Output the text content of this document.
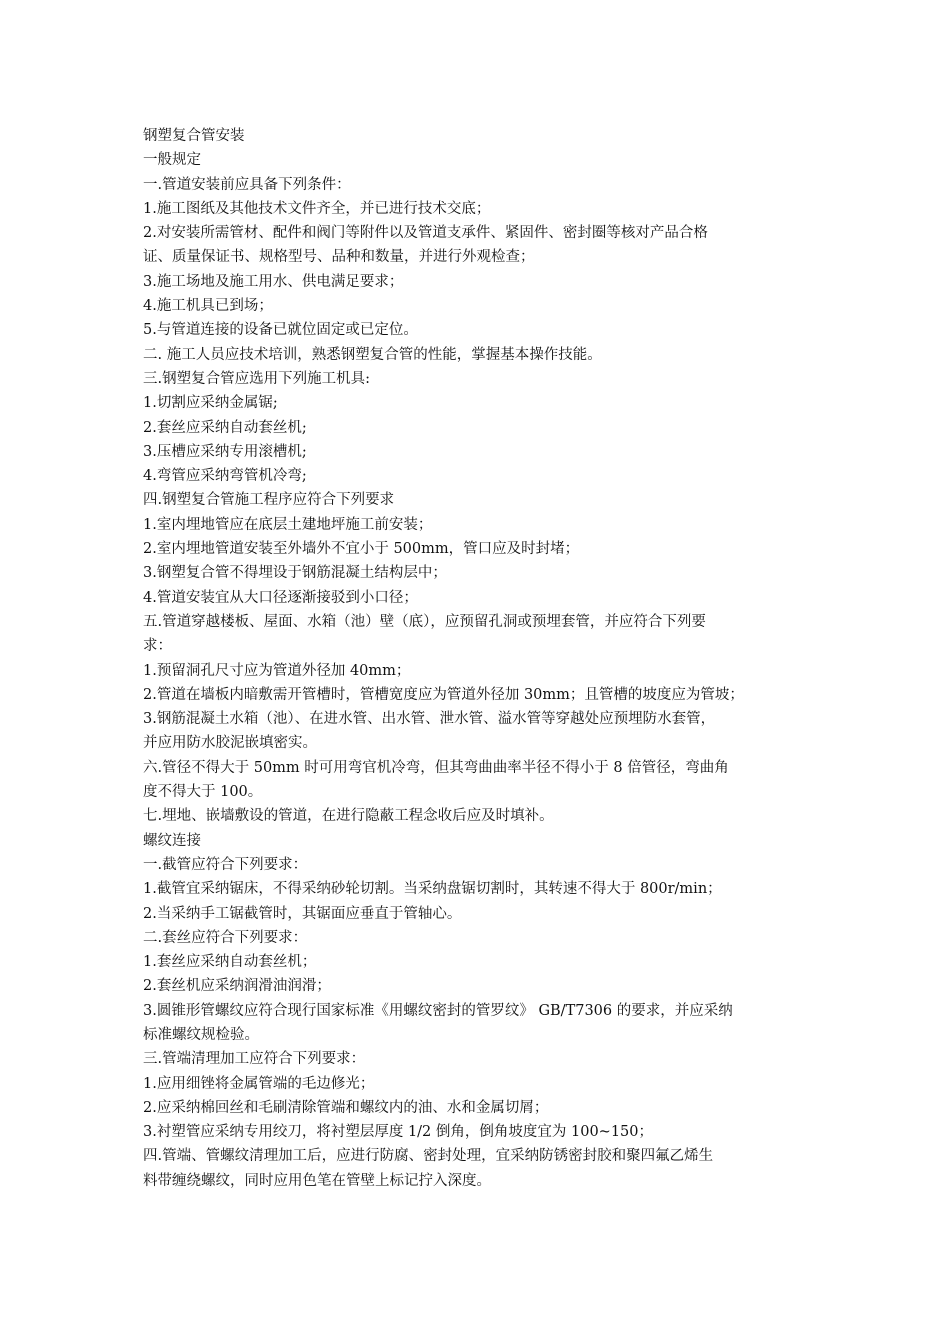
钢塑复合管安装

一般规定

一.管道安装前应具备下列条件：

1.施工图纸及其他技术文件齐全，并已进行技术交底；

2.对安装所需管材、配件和阀门等附件以及管道支承件、紧固件、密封圈等核对产品合格

证、质量保证书、规格型号、品种和数量，并进行外观检查；

3.施工场地及施工用水、供电满足要求；

4.施工机具已到场；

5.与管道连接的设备已就位固定或已定位。

二. 施工人员应技术培训，熟悉钢塑复合管的性能，掌握基本操作技能。

三.钢塑复合管应选用下列施工机具:

1.切割应采纳金属锯;

2.套丝应采纳自动套丝机;

3.压槽应采纳专用滚槽机;

4.弯管应采纳弯管机冷弯;

四.钢塑复合管施工程序应符合下列要求

1.室内埋地管应在底层土建地坪施工前安装；

2.室内埋地管道安装至外墙外不宜小于 500mm，管口应及时封堵；

3.钢塑复合管不得埋设于钢筋混凝土结构层中；

4.管道安装宜从大口径逐渐接驳到小口径；

五.管道穿越楼板、屋面、水箱（池）壁（底），应预留孔洞或预埋套管，并应符合下列要

求：

1.预留洞孔尺寸应为管道外径加 40mm；

2.管道在墙板内暗敷需开管槽时，管槽宽度应为管道外径加 30mm；且管槽的坡度应为管坡；

3.钢筋混凝土水箱（池）、在进水管、出水管、泄水管、溢水管等穿越处应预埋防水套管，

并应用防水胶泥嵌填密实。

六.管径不得大于 50mm 时可用弯官机冷弯，但其弯曲曲率半径不得小于 8 倍管径，弯曲角

度不得大于 100。

七.埋地、嵌墙敷设的管道，在进行隐蔽工程念收后应及时填补。

螺纹连接

一.截管应符合下列要求：

1.截管宜采纳锯床，不得采纳砂轮切割。当采纳盘锯切割时，其转速不得大于 800r/min；

2.当采纳手工锯截管时，其锯面应垂直于管轴心。

二.套丝应符合下列要求：

1.套丝应采纳自动套丝机；

2.套丝机应采纳润滑油润滑；

3.圆锥形管螺纹应符合现行国家标准《用螺纹密封的管罗纹》 GB/T7306 的要求，并应采纳

标准螺纹规检验。

三.管端清理加工应符合下列要求：

1.应用细锉将金属管端的毛边修光；

2.应采纳棉回丝和毛刷清除管端和螺纹内的油、水和金属切屑；

3.衬塑管应采纳专用绞刀，将衬塑层厚度 1/2 倒角，倒角坡度宜为 100~150；

四.管端、管螺纹清理加工后，应进行防腐、密封处理，宜采纳防锈密封胶和聚四氟乙烯生

料带缠绕螺纹，同时应用色笔在管壁上标记拧入深度。
